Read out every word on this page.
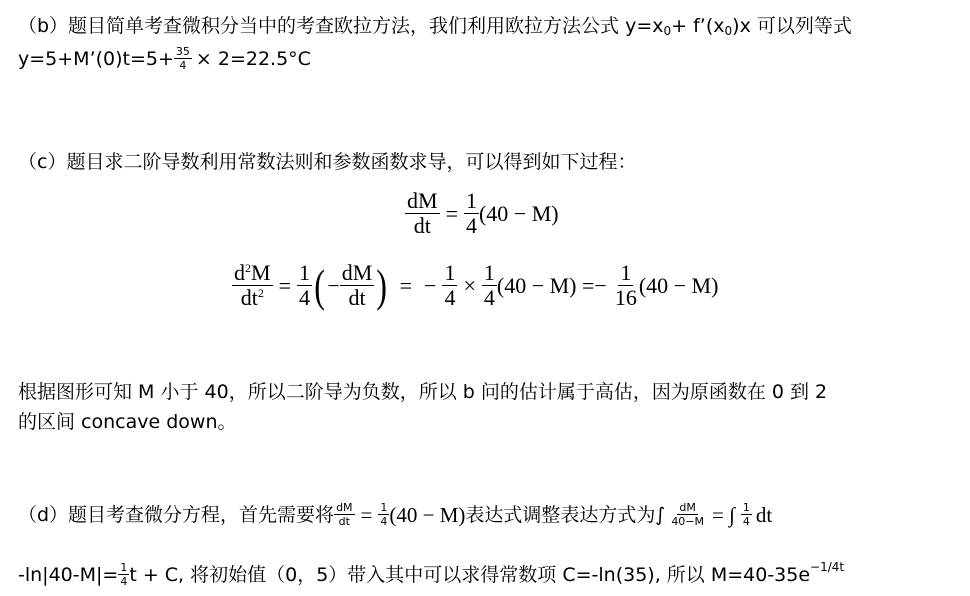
（b）题目简单考查微积分当中的考查欧拉方法，我们利用欧拉方法公式 $y=x_0+$ $f’(x_0)x$ 可以列等式
y=5+M’(0)t=5+ $\frac{35}{4} \times 2=22.5^\circ C$
（c）题目求二阶导数利用常数法则和参数函数求导，可以得到如下过程：
$\frac{dM}{dt} = \frac{1}{4} (40 - M)$
$\frac{d^2M}{dt^2} = \frac{1}{4}$ ( − $\frac{dM}{dt}$ ) = − $\frac{1}{4} \times \frac{1}{4} (40 - M) =- \frac{1}{16} (40 - M)$
根据图形可知 M 小于 40，所以二阶导为负数，所以 b 问的估计属于高估，因为原函数在 0 到 2
的区间 concave down。
（d）题目考查微分方程，首先需要将 $\frac{dM}{dt} = \frac{1}{4} (40 - M)$ 表达式调整表达方式为∫ $\frac{dM}{40-M}$ = ∫ $\frac{1}{4}$ dt
$-\ln|40-M|= \frac{1}{4}$ t + C, 将初始值（0，5）带入其中可以求得常数项 C=-ln(35), 所以 $M=40-35e^{-1/4t}$
